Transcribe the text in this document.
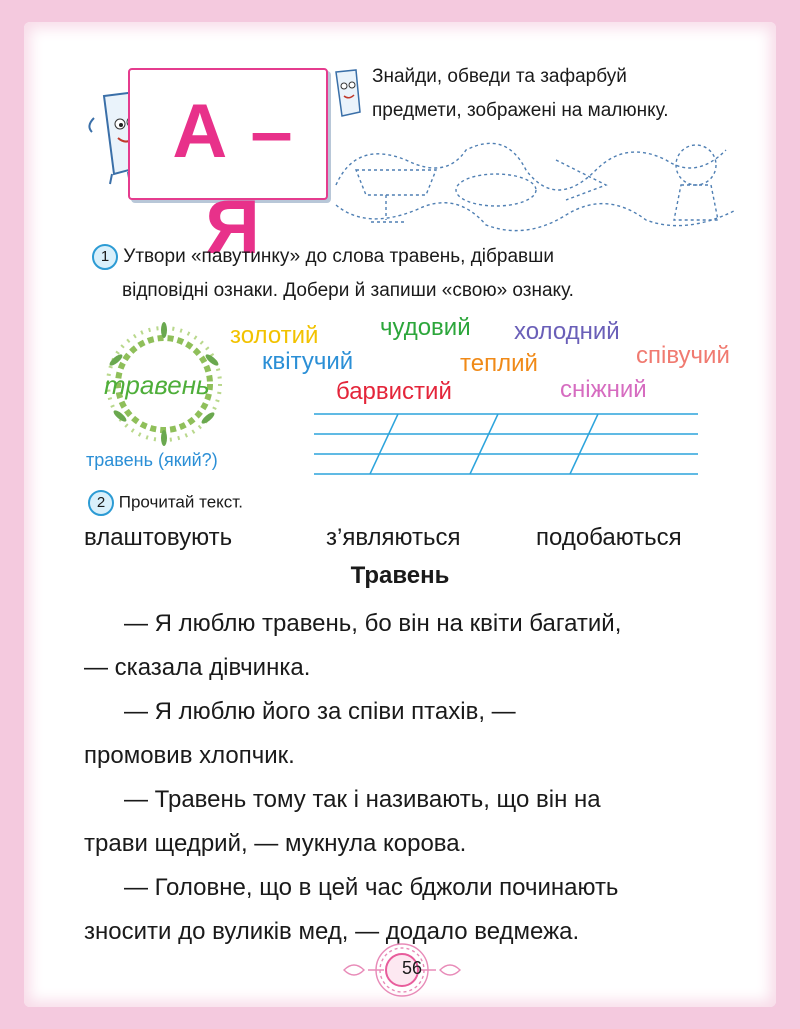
А – Я
Знайди, обведи та зафарбуй
предмети, зображені на малюнку.
1 Утвори «павутинку» до слова травень, дібравши
відповідні ознаки. Добери й запиши «свою» ознаку.
травень
золотий	чудовий холодний
квітучий	теплий	співучий
барвистий	сніжний
травень (який?)
2 Прочитай текст.
влаштовують	з’являються	подобаються
Травень

— Я люблю травень, бо він на квіти багатий,

— сказала дівчинка.

— Я люблю його за співи птахів, —

промовив хлопчик.

— Травень тому так і називають, що він на

трави щедрий, — мукнула корова.

— Головне, що в цей час бджоли починають

зносити до вуликів мед, — додало ведмежа.

56
